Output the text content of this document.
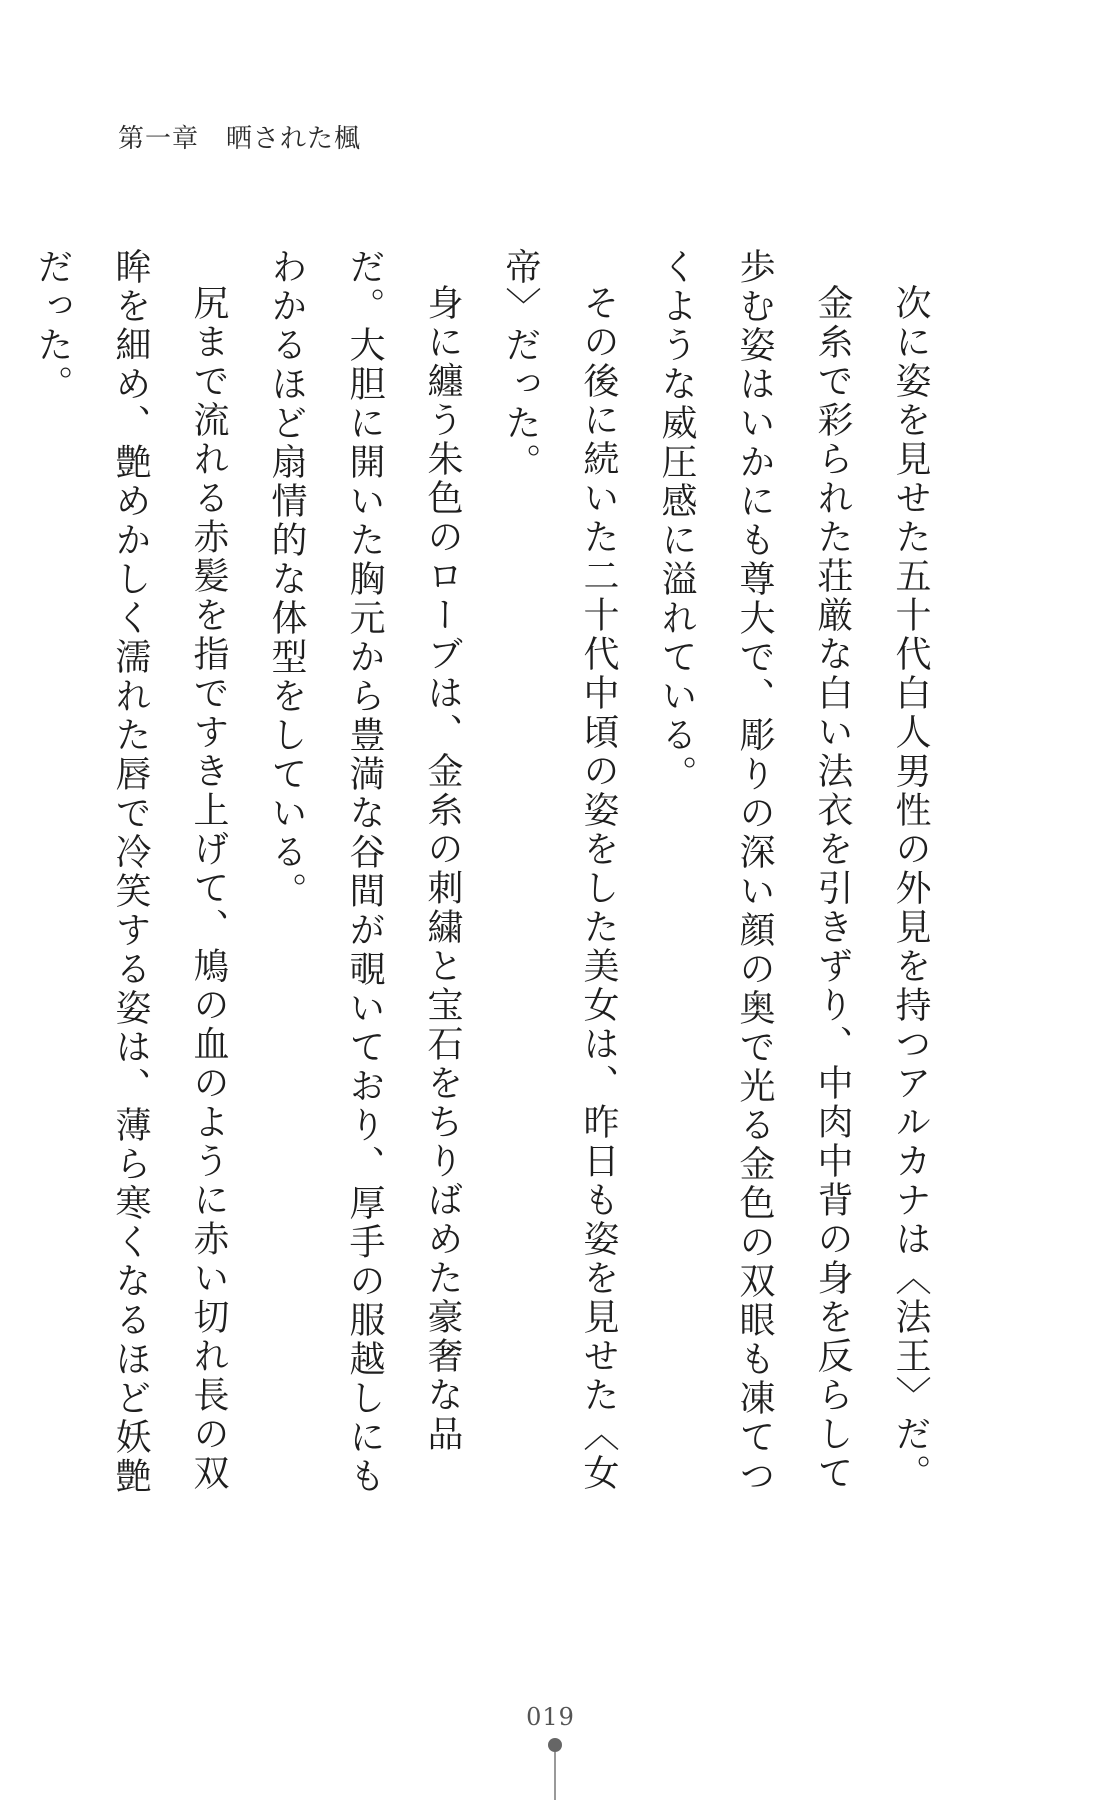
第一章　晒された楓

次に姿を見せた五十代白人男性の外見を持つアルカナは〈法王〉だ。

金糸で彩られた荘厳な白い法衣を引きずり、中肉中背の身を反らして歩む姿はいかにも尊大で、彫りの深い顔の奥で光る金色の双眼も凍てつくような威圧感に溢れている。

その後に続いた二十代中頃の姿をした美女は、昨日も姿を見せた〈女帝〉だった。

身に纏う朱色のローブは、金糸の刺繍と宝石をちりばめた豪奢な品だ。大胆に開いた胸元から豊満な谷間が覗いており、厚手の服越しにもわかるほど扇情的な体型をしている。

尻まで流れる赤髪を指ですき上げて、鳩の血のように赤い切れ長の双眸を細め、艶めかしく濡れた唇で冷笑する姿は、薄ら寒くなるほど妖艶だった。

019
